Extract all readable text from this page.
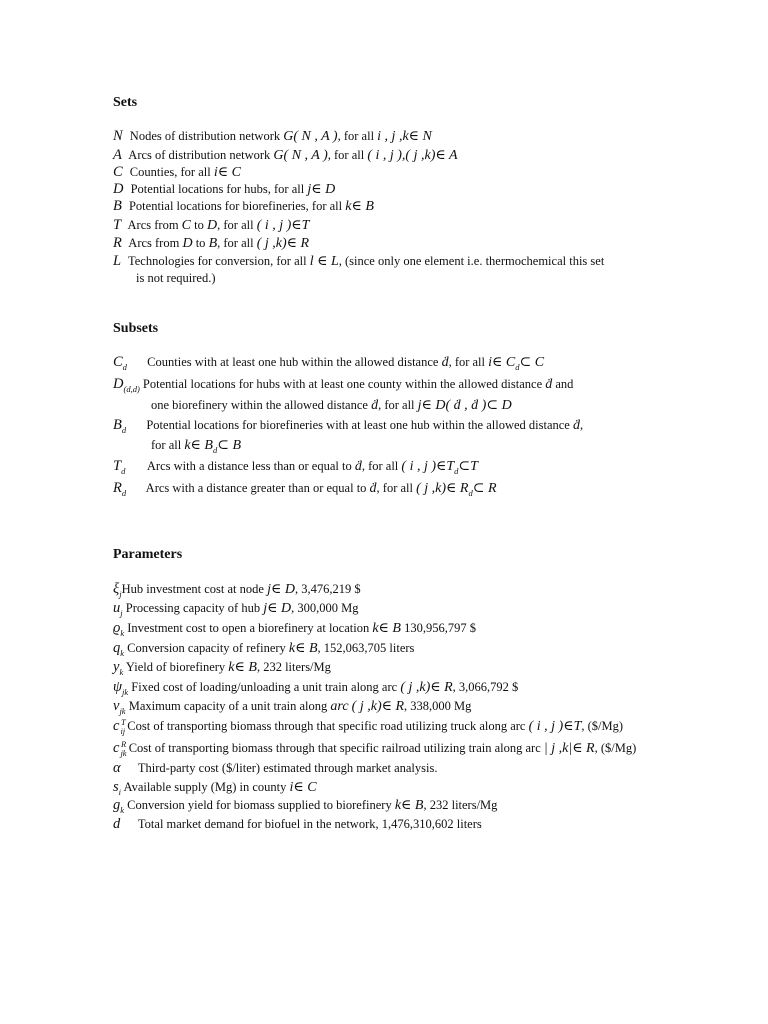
Sets
N Nodes of distribution network G( N , A ), for all i , j ,k∈ N
A Arcs of distribution network G( N , A ), for all ( i , j ),( j ,k)∈ A
C Counties, for all i∈ C
D Potential locations for hubs, for all j∈ D
B Potential locations for biorefineries, for all k∈ B
T Arcs from C to D, for all ( i , j )∈T
R Arcs from D to B, for all ( j ,k)∈ R
L Technologies for conversion, for all l ∈ L, (since only one element i.e. thermochemical this set
is not required.)
Subsets
$C_d$ Counties with at least one hub within the allowed distance ḋ, for all i∈ $C_d\subset$ C
$D_{(d,d)}$ Potential locations for hubs with at least one county within the allowed distance ḋ and
one biorefinery within the allowed distance ḋ, for all j∈ D( ḋ , ḋ )⊂ D
$B_d$ Potential locations for biorefineries with at least one hub within the allowed distance ḋ,
for all k∈ $B_d\subset$ B
$T_d$ Arcs with a distance less than or equal to ḋ, for all ( i , j )$\in T_d\subset T$
$R_d$ Arcs with a distance greater than or equal to ḋ, for all ( j ,k)∈ $R_d\subset$ R
Parameters
$\xi_jHub$ investment cost at node j∈ D, 3,476,219 $
$u_j$ Processing capacity of hub j∈ D, 300,000 Mg
$ϱ_k$ Investment cost to open a biorefinery at location k∈ B 130,956,797 $
$q_k$ Conversion capacity of refinery k∈ B, 152,063,705 liters
$y_k$ Yield of biorefinery k∈ B, 232 liters/Mg
$\psi_{jk}$ Fixed cost of loading/unloading a unit train along arc ( j ,k)∈ R, 3,066,792 $
$v_{jk}$ Maximum capacity of a unit train along arc ( j ,k)∈ R, 338,000 Mg
c T
$_{ij}$ Cost of transporting biomass through that specific road utilizing truck along arc ( i , j )∈T, ($/Mg)
c R
$_{jk}$ Cost of transporting biomass through that specific railroad utilizing train along arc | j ,k|∈ R, ($/Mg)
α Third-party cost ($/liter) estimated through market analysis.
$s_i$ Available supply (Mg) in county i∈ C
$g_k$ Conversion yield for biomass supplied to biorefinery k∈ B, 232 liters/Mg
d Total market demand for biofuel in the network, 1,476,310,602 liters
